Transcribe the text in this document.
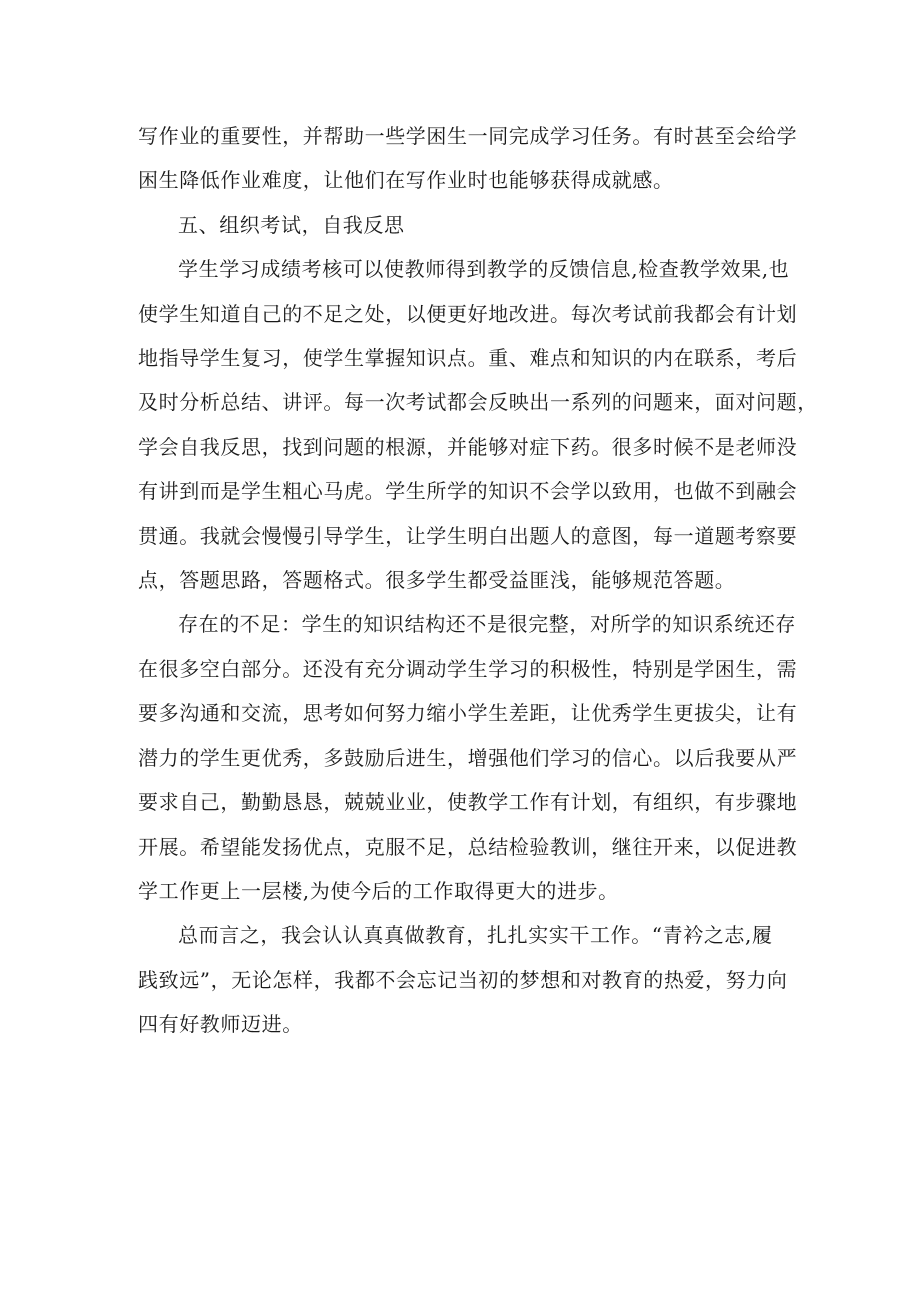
写作业的重要性，并帮助一些学困生一同完成学习任务。有时甚至会给学
困生降低作业难度，让他们在写作业时也能够获得成就感。

五、组织考试，自我反思

学生学习成绩考核可以使教师得到教学的反馈信息,检查教学效果,也
使学生知道自己的不足之处，以便更好地改进。每次考试前我都会有计划
地指导学生复习，使学生掌握知识点。重、难点和知识的内在联系，考后
及时分析总结、讲评。每一次考试都会反映出一系列的问题来，面对问题，
学会自我反思，找到问题的根源，并能够对症下药。很多时候不是老师没
有讲到而是学生粗心马虎。学生所学的知识不会学以致用，也做不到融会
贯通。我就会慢慢引导学生，让学生明白出题人的意图，每一道题考察要
点，答题思路，答题格式。很多学生都受益匪浅，能够规范答题。

存在的不足：学生的知识结构还不是很完整，对所学的知识系统还存
在很多空白部分。还没有充分调动学生学习的积极性，特别是学困生，需
要多沟通和交流，思考如何努力缩小学生差距，让优秀学生更拔尖，让有
潜力的学生更优秀，多鼓励后进生，增强他们学习的信心。以后我要从严
要求自己，勤勤恳恳，兢兢业业，使教学工作有计划，有组织，有步骤地
开展。希望能发扬优点，克服不足，总结检验教训，继往开来，以促进教
学工作更上一层楼,为使今后的工作取得更大的进步。

总而言之，我会认认真真做教育，扎扎实实干工作。“青衿之志,履
践致远”，无论怎样，我都不会忘记当初的梦想和对教育的热爱，努力向
四有好教师迈进。
